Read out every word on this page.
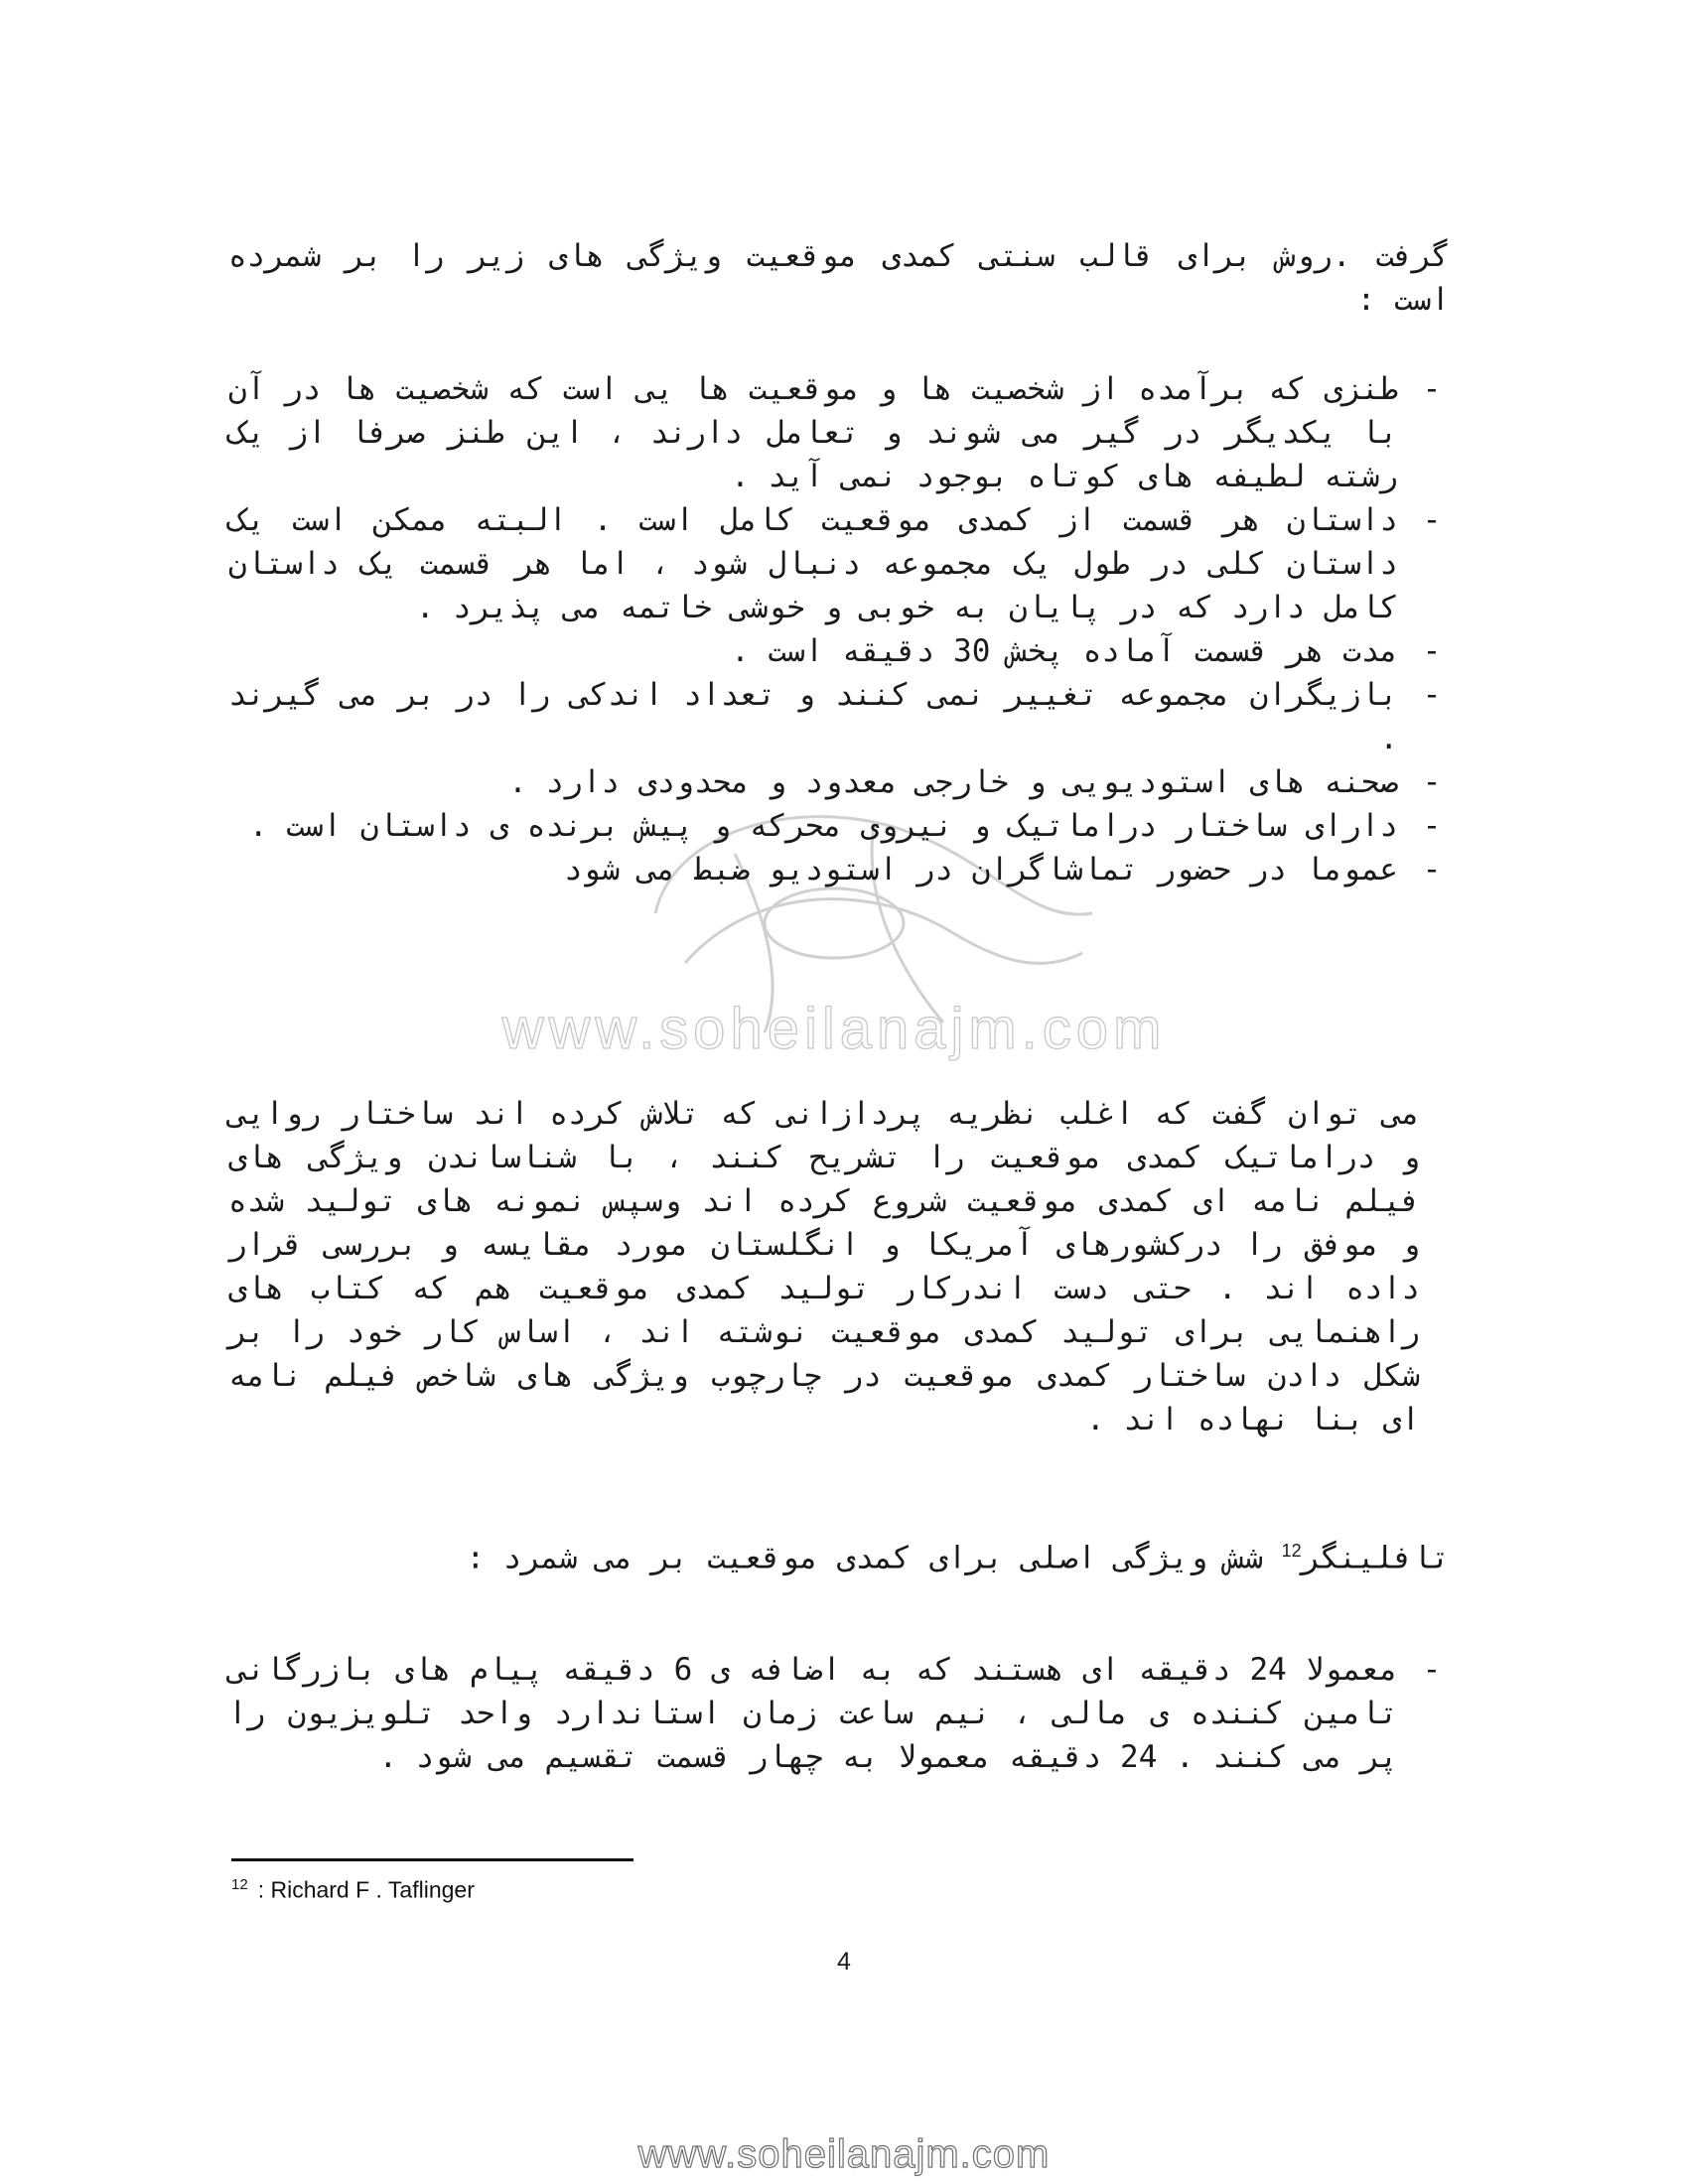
گرفت .روش برای قالب سنتی کمدی موقعیت ویژگی های زیر را بر شمرده است :

-
طنزی که برآمده از شخصیت ها و موقعیت ها یی است که شخصیت ها در آن با یکدیگر در گیر می شوند و تعامل دارند ، این طنز صرفا از یک رشته لطیفه های کوتاه بوجود نمی آید .

-
داستان هر قسمت از کمدی موقعیت کامل است . البته ممکن است یک داستان کلی در طول یک مجموعه دنبال شود ، اما هر قسمت یک داستان کامل دارد که در پایان به خوبی و خوشی خاتمه می پذیرد .

-
مدت هر قسمت آماده پخش 30 دقیقه است .

-
بازیگران مجموعه تغییر نمی کنند و تعداد اندکی را در بر می گیرند .

-
صحنه های استودیویی و خارجی معدود و محدودی دارد .

-
دارای ساختار دراماتیک و نیروی محرکه و پیش برنده ی داستان است .

-
عموما در حضور تماشاگران در استودیو ضبط می شود

می توان گفت که اغلب نظریه پردازانی که تلاش کرده اند ساختار روایی و دراماتیک کمدی موقعیت را تشریح کنند ، با شناساندن ویژگی های فیلم نامه ای کمدی موقعیت شروع کرده اند وسپس نمونه های تولید شده و موفق را درکشورهای آمریکا و انگلستان مورد مقایسه و بررسی قرار داده اند . حتی دست اندرکار تولید کمدی موقعیت هم که کتاب های راهنمایی برای تولید کمدی موقعیت نوشته اند ، اساس کار خود را بر شکل دادن ساختار کمدی موقعیت در چارچوب ویژگی های شاخص فیلم نامه ای بنا نهاده اند .

تافلینگر$^{12}$ شش ویژگی اصلی برای کمدی موقعیت بر می شمرد :

-
معمولا 24 دقیقه ای هستند که به اضافه ی 6 دقیقه پیام های بازرگانی تامین کننده ی مالی ، نیم ساعت زمان استاندارد واحد تلویزیون را پر می کنند . 24 دقیقه معمولا به چهار قسمت تقسیم می شود .

$^{12}$ : Richard F . Taflinger
4
www.soheilanajm.com
www.soheilanajm.com
